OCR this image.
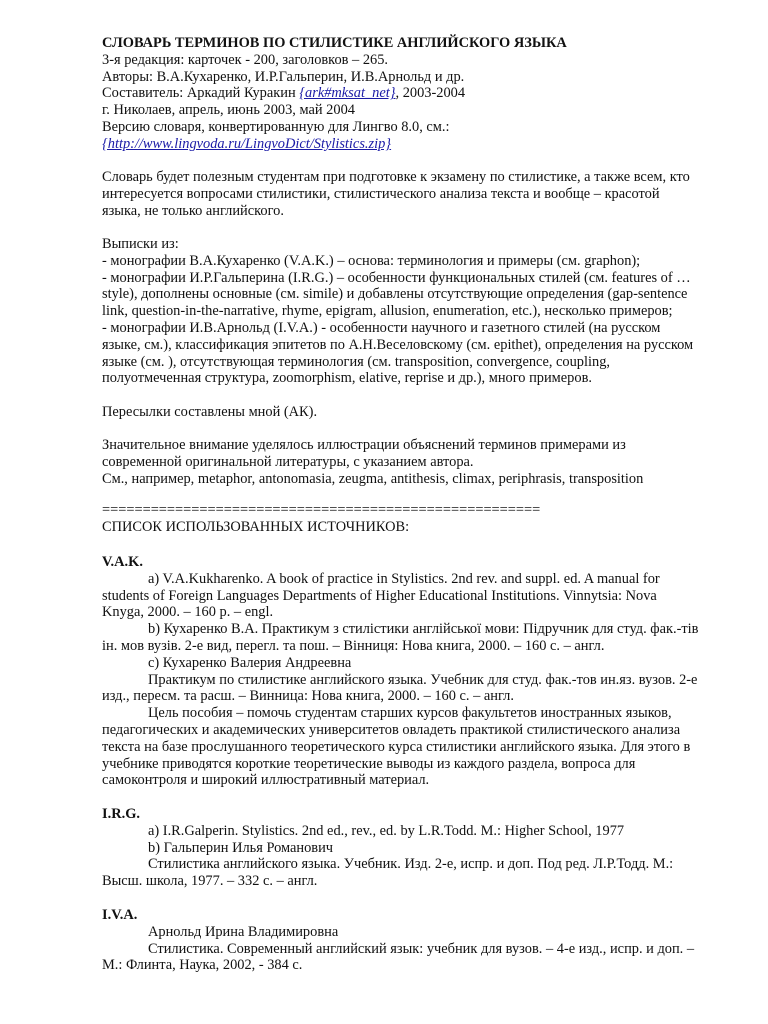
СЛОВАРЬ ТЕРМИНОВ ПО СТИЛИСТИКЕ АНГЛИЙСКОГО ЯЗЫКА
3-я редакция: карточек - 200, заголовков – 265.
Авторы: В.А.Кухаренко, И.Р.Гальперин, И.В.Арнольд и др.
Составитель: Аркадий Куракин {ark#mksat_net}, 2003-2004
г. Николаев, апрель, июнь 2003, май 2004
Версию словаря, конвертированную для Лингво 8.0, см.:
{http://www.lingvoda.ru/LingvoDict/Stylistics.zip}
Словарь будет полезным студентам при подготовке к экзамену по стилистике, а также всем, кто
интересуется вопросами стилистики, стилистического анализа текста и вообще – красотой
языка, не только английского.
Выписки из:
- монографии В.А.Кухаренко (V.A.K.) – основа: терминология и примеры (см. graphon);
- монографии И.Р.Гальперина (I.R.G.) – особенности функциональных стилей (см. features of …
style), дополнены основные (см. simile) и добавлены отсутствующие определения (gap-sentence
link, question-in-the-narrative, rhyme, epigram, allusion, enumeration, etc.), несколько примеров;
- монографии И.В.Арнольд (I.V.A.) - особенности научного и газетного стилей (на русском
языке, см.), классификация эпитетов по А.Н.Веселовскому (см. epithet), определения на русском
языке (см. ), отсутствующая терминология (см. transposition, convergence, coupling,
полуотмеченная структура, zoomorphism, elative, reprise и др.), много примеров.
Пересылки составлены мной (АК).
Значительное внимание уделялось иллюстрации объяснений терминов примерами из
современной оригинальной литературы, с указанием автора.
См., например, metaphor, antonomasia, zeugma, antithesis, climax, periphrasis, transposition
======================================================
СПИСОК ИСПОЛЬЗОВАННЫХ ИСТОЧНИКОВ:
V.A.K.
a) V.A.Kukharenko. A book of practice in Stylistics. 2nd rev. and suppl. ed. A manual for
students of Foreign Languages Departments of Higher Educational Institutions. Vinnytsia: Nova
Knyga, 2000. – 160 p. – engl.
b) Кухаренко В.А. Практикум з стилістики англійської мови: Підручник для студ. фак.-тів
ін. мов вузів. 2-е вид, перегл. та пош. – Вінниця: Нова книга, 2000. – 160 с. – англ.
c) Кухаренко Валерия Андреевна
Практикум по стилистике английского языка. Учебник для студ. фак.-тов ин.яз. вузов. 2-е
изд., пересм. та расш. – Винница: Нова книга, 2000. – 160 с. – англ.
Цель пособия – помочь студентам старших курсов факультетов иностранных языков,
педагогических и академических университетов овладеть практикой стилистического анализа
текста на базе прослушанного теоретического курса стилистики английского языка. Для этого в
учебнике приводятся короткие теоретические выводы из каждого раздела, вопроса для
самоконтроля и широкий иллюстративный материал.
I.R.G.
a) I.R.Galperin. Stylistics. 2nd ed., rev., ed. by L.R.Todd. M.: Higher School, 1977
b) Гальперин Илья Романович
Стилистика английского языка. Учебник. Изд. 2-е, испр. и доп. Под ред. Л.Р.Тодд. М.:
Высш. школа, 1977. – 332 с. – англ.
I.V.A.
Арнольд Ирина Владимировна
Стилистика. Современный английский язык: учебник для вузов. – 4-е изд., испр. и доп. –
М.: Флинта, Наука, 2002, - 384 с.
